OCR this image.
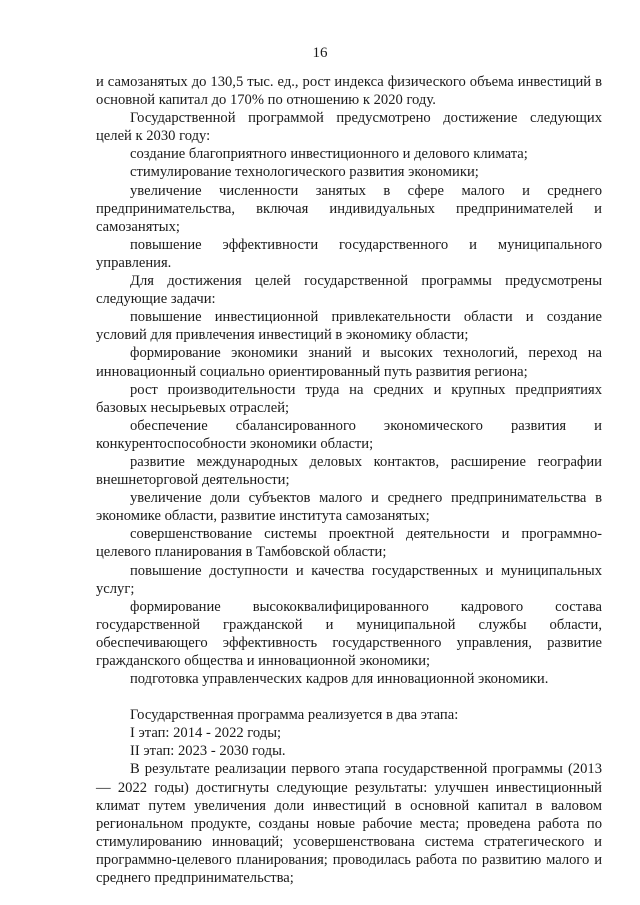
16

и самозанятых до 130,5 тыс. ед., рост индекса физического объема инвестиций в основной капитал до 170% по отношению к 2020 году.

Государственной программой предусмотрено достижение следующих целей к 2030 году:

создание благоприятного инвестиционного и делового климата;

стимулирование технологического развития экономики;

увеличение численности занятых в сфере малого и среднего предпринимательства, включая индивидуальных предпринимателей и самозанятых;

повышение эффективности государственного и муниципального управления.

Для достижения целей государственной программы предусмотрены следующие задачи:

повышение инвестиционной привлекательности области и создание условий для привлечения инвестиций в экономику области;

формирование экономики знаний и высоких технологий, переход на инновационный социально ориентированный путь развития региона;

рост производительности труда на средних и крупных предприятиях базовых несырьевых отраслей;

обеспечение сбалансированного экономического развития и конкурентоспособности экономики области;

развитие международных деловых контактов, расширение географии внешнеторговой деятельности;

увеличение доли субъектов малого и среднего предпринимательства в экономике области, развитие института самозанятых;

совершенствование системы проектной деятельности и программно-целевого планирования в Тамбовской области;

повышение доступности и качества государственных и муниципальных услуг;

формирование высококвалифицированного кадрового состава государственной гражданской и муниципальной службы области, обеспечивающего эффективность государственного управления, развитие гражданского общества и инновационной экономики;

подготовка управленческих кадров для инновационной экономики.

Государственная программа реализуется в два этапа:

I этап: 2014 - 2022 годы;

II этап: 2023 - 2030 годы.

В результате реализации первого этапа государственной программы (2013 — 2022 годы) достигнуты следующие результаты: улучшен инвестиционный климат путем увеличения доли инвестиций в основной капитал в валовом региональном продукте, созданы новые рабочие места; проведена работа по стимулированию инноваций; усовершенствована система стратегического и программно-целевого планирования; проводилась работа по развитию малого и среднего предпринимательства;
